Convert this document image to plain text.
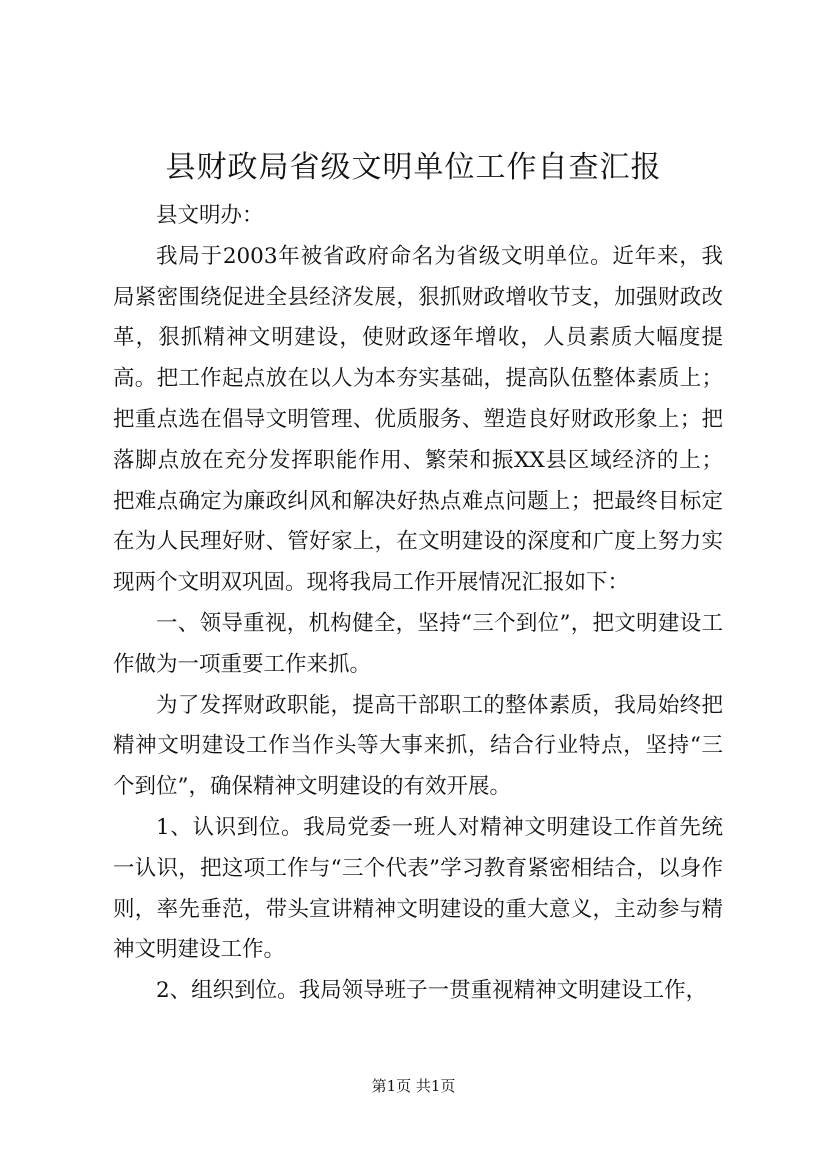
县财政局省级文明单位工作自查汇报

县文明办：

我局于2003年被省政府命名为省级文明单位。近年来，我局紧密围绕促进全县经济发展，狠抓财政增收节支，加强财政改革，狠抓精神文明建设，使财政逐年增收，人员素质大幅度提高。把工作起点放在以人为本夯实基础，提高队伍整体素质上；把重点选在倡导文明管理、优质服务、塑造良好财政形象上；把落脚点放在充分发挥职能作用、繁荣和振XX县区域经济的上；把难点确定为廉政纠风和解决好热点难点问题上；把最终目标定在为人民理好财、管好家上，在文明建设的深度和广度上努力实现两个文明双巩固。现将我局工作开展情况汇报如下：

一、领导重视，机构健全，坚持“三个到位”，把文明建设工作做为一项重要工作来抓。

为了发挥财政职能，提高干部职工的整体素质，我局始终把精神文明建设工作当作头等大事来抓，结合行业特点，坚持“三个到位”，确保精神文明建设的有效开展。

1、认识到位。我局党委一班人对精神文明建设工作首先统一认识，把这项工作与“三个代表”学习教育紧密相结合，以身作则，率先垂范，带头宣讲精神文明建设的重大意义，主动参与精神文明建设工作。

2、组织到位。我局领导班子一贯重视精神文明建设工作，

第1页 共1页
